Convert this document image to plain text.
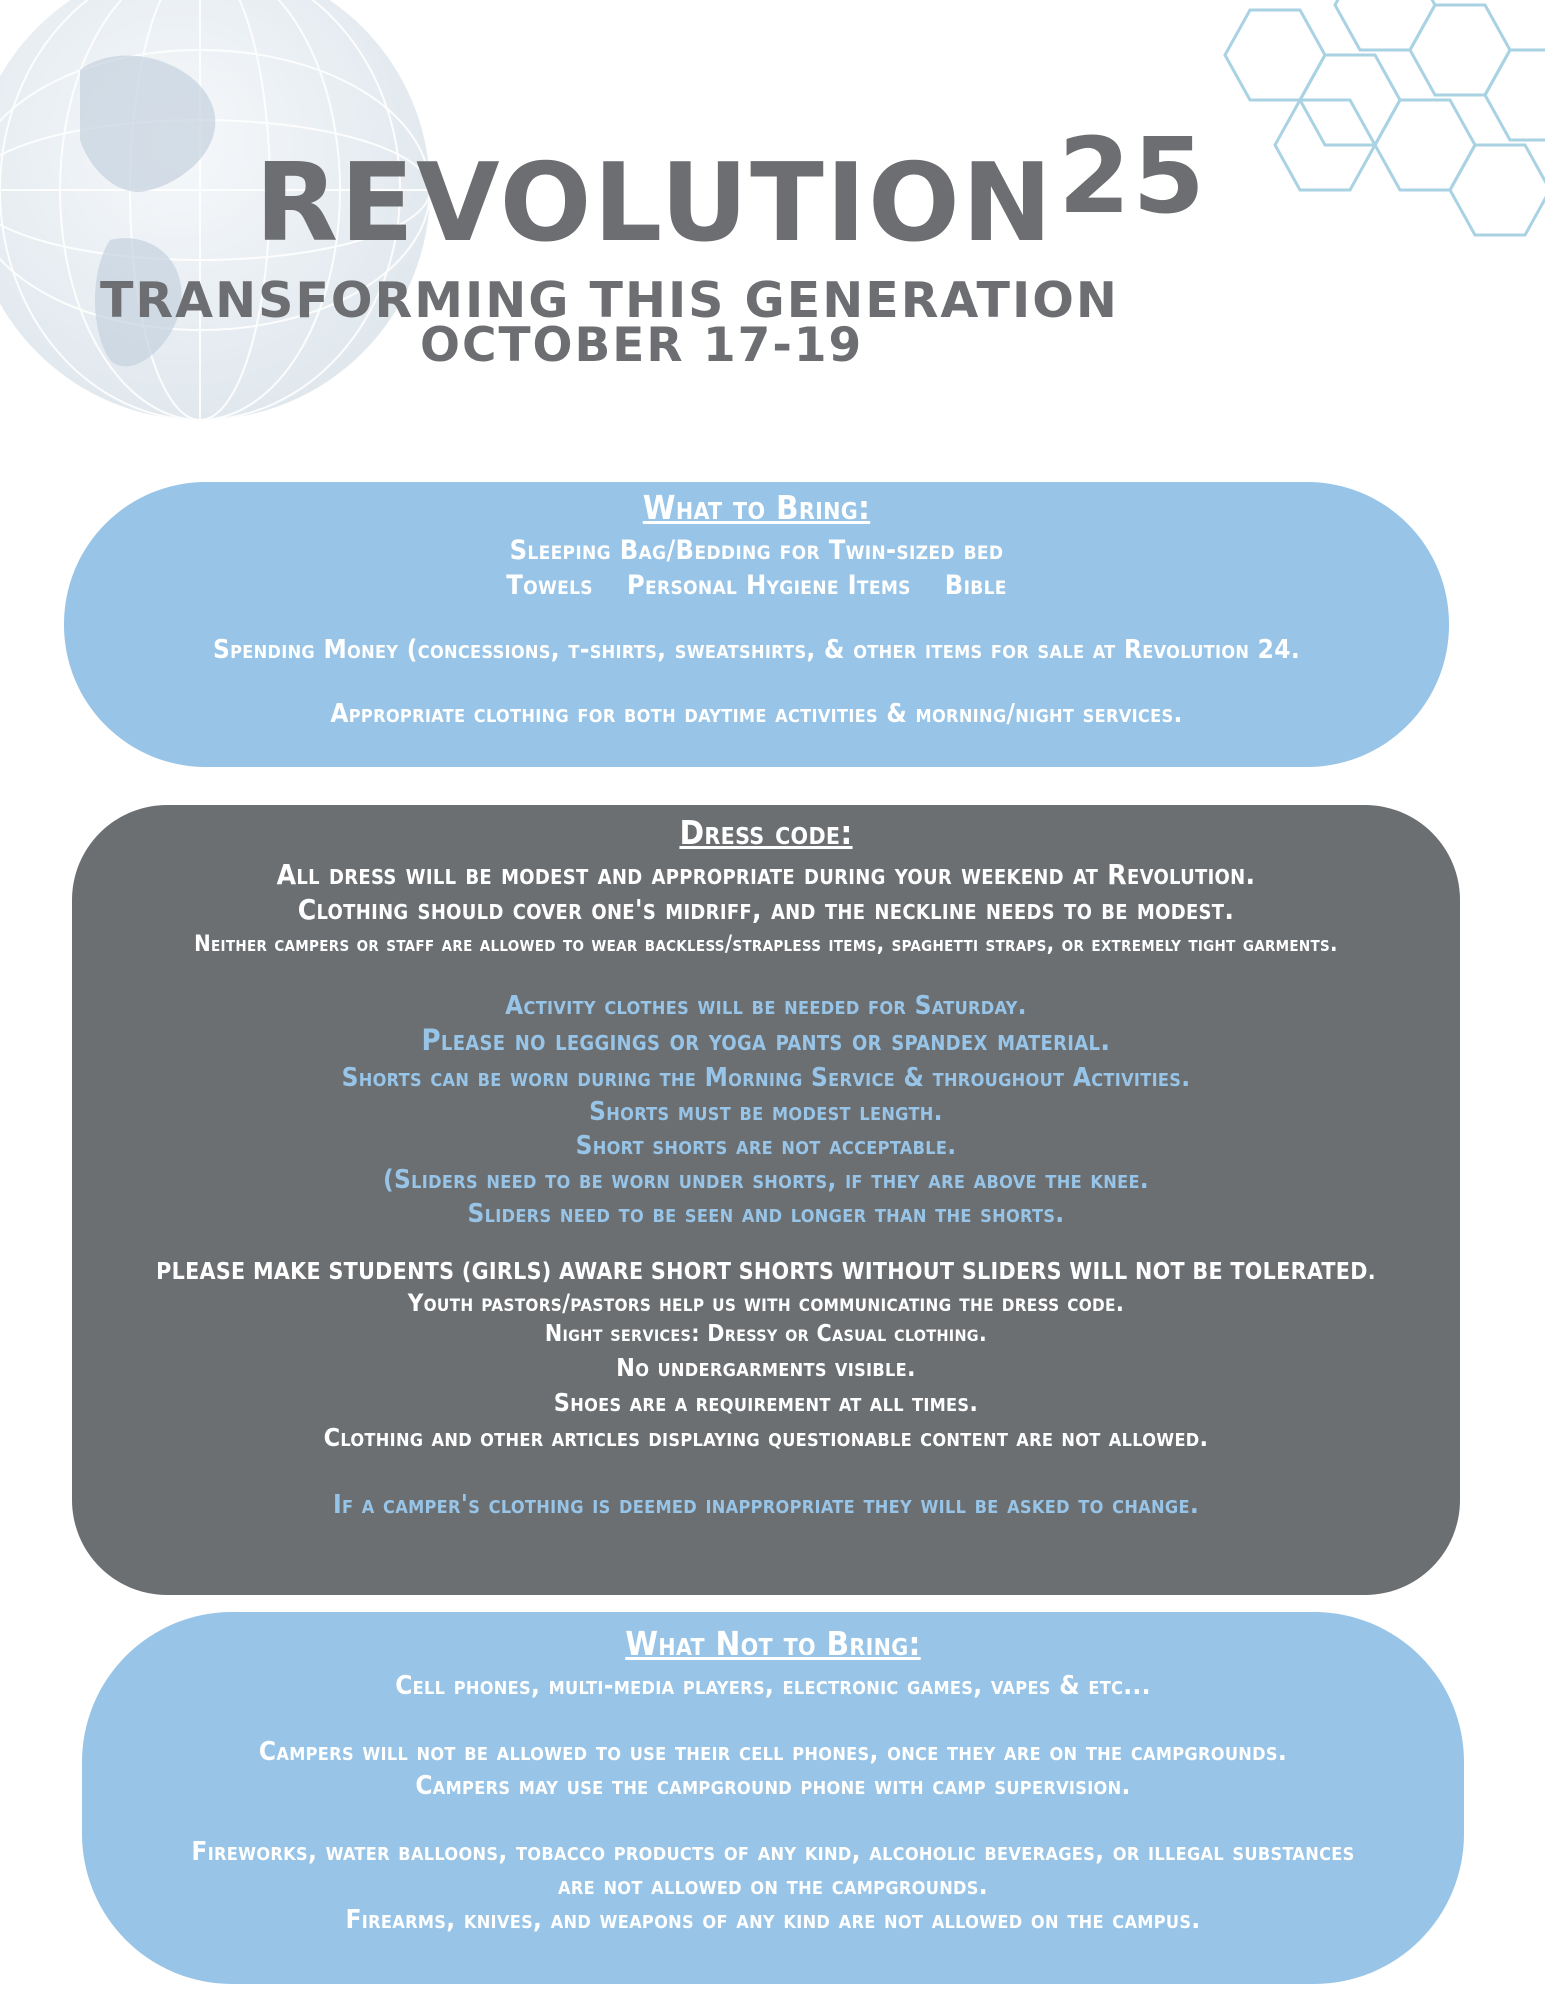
REVOLUTION25
TRANSFORMING THIS GENERATION
OCTOBER 17-19
What to Bring:
Sleeping Bag/Bedding for Twin-sized bed
Towels Personal Hygiene Items Bible
Spending Money (concessions, t-shirts, sweatshirts, & other items for sale at Revolution 24.
Appropriate clothing for both daytime activities & morning/night services.
Dress code:
All dress will be modest and appropriate during your weekend at Revolution.
Clothing should cover one's midriff, and the neckline needs to be modest.
Neither campers or staff are allowed to wear backless/strapless items, spaghetti straps, or extremely tight garments.
Activity clothes will be needed for Saturday.
Please no leggings or yoga pants or spandex material.
Shorts can be worn during the Morning Service & throughout Activities.
Shorts must be modest length.
Short shorts are not acceptable.
(Sliders need to be worn under shorts, if they are above the knee.
Sliders need to be seen and longer than the shorts.
PLEASE MAKE STUDENTS (GIRLS) AWARE SHORT SHORTS WITHOUT SLIDERS WILL NOT BE TOLERATED.
Youth pastors/pastors help us with communicating the dress code.
Night services: Dressy or Casual clothing.
No undergarments visible.
Shoes are a requirement at all times.
Clothing and other articles displaying questionable content are not allowed.
If a camper's clothing is deemed inappropriate they will be asked to change.
What Not to Bring:
Cell phones, multi-media players, electronic games, vapes & etc...
Campers will not be allowed to use their cell phones, once they are on the campgrounds.
Campers may use the campground phone with camp supervision.
Fireworks, water balloons, tobacco products of any kind, alcoholic beverages, or illegal substances
are not allowed on the campgrounds.
Firearms, knives, and weapons of any kind are not allowed on the campus.
